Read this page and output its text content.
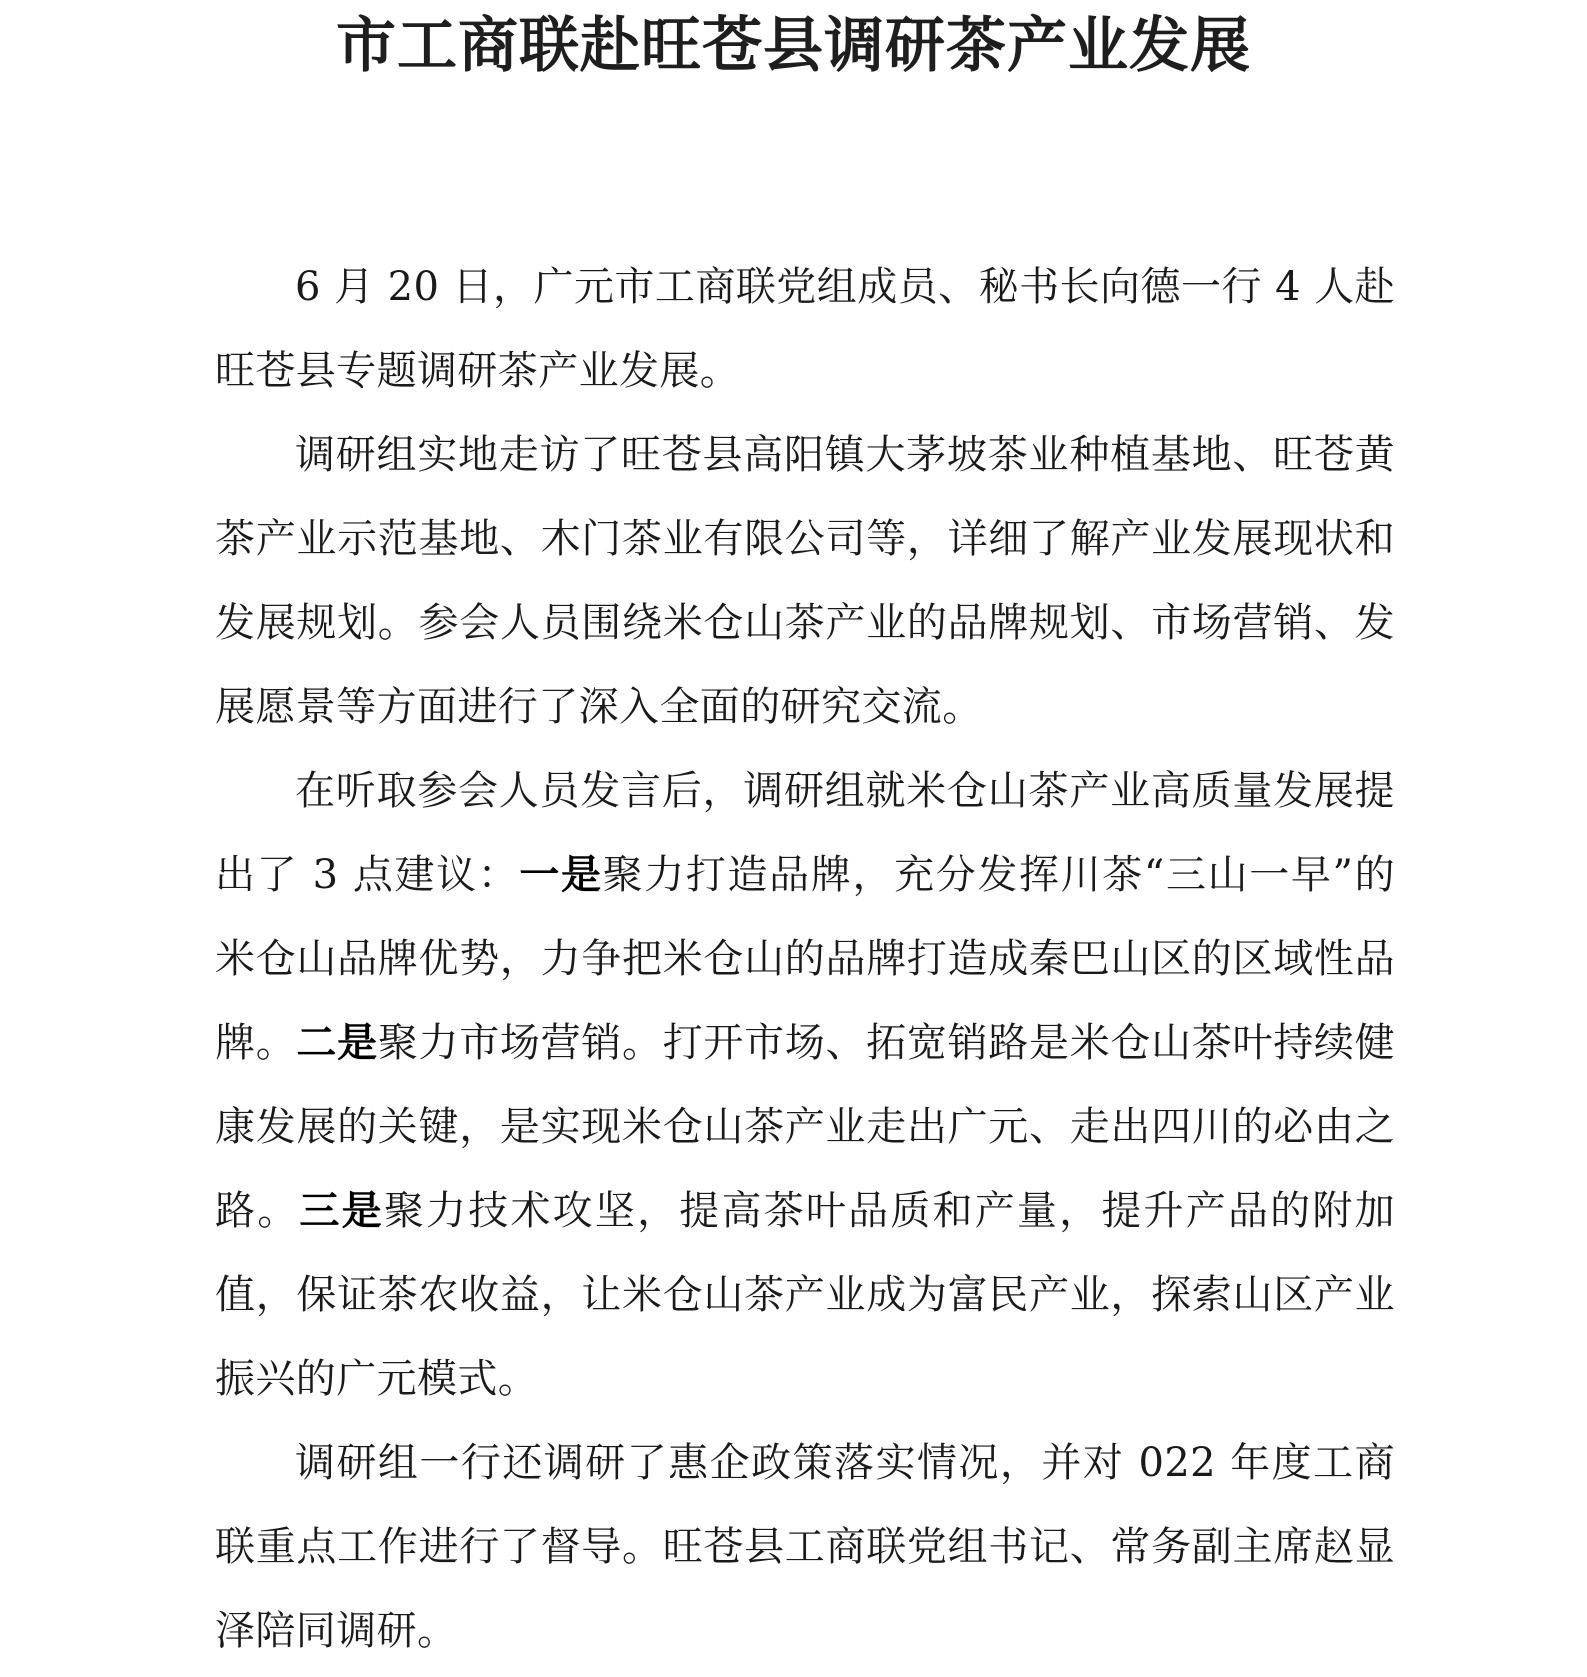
市工商联赴旺苍县调研茶产业发展

6 月 20 日，广元市工商联党组成员、秘书长向德一行 4 人赴旺苍县专题调研茶产业发展。

调研组实地走访了旺苍县高阳镇大茅坡茶业种植基地、旺苍黄茶产业示范基地、木门茶业有限公司等，详细了解产业发展现状和发展规划。参会人员围绕米仓山茶产业的品牌规划、市场营销、发展愿景等方面进行了深入全面的研究交流。

在听取参会人员发言后，调研组就米仓山茶产业高质量发展提出了 3 点建议：一是聚力打造品牌，充分发挥川茶“三山一早”的米仓山品牌优势，力争把米仓山的品牌打造成秦巴山区的区域性品牌。二是聚力市场营销。打开市场、拓宽销路是米仓山茶叶持续健康发展的关键，是实现米仓山茶产业走出广元、走出四川的必由之路。三是聚力技术攻坚，提高茶叶品质和产量，提升产品的附加值，保证茶农收益，让米仓山茶产业成为富民产业，探索山区产业振兴的广元模式。

调研组一行还调研了惠企政策落实情况，并对 022 年度工商联重点工作进行了督导。旺苍县工商联党组书记、常务副主席赵显泽陪同调研。
